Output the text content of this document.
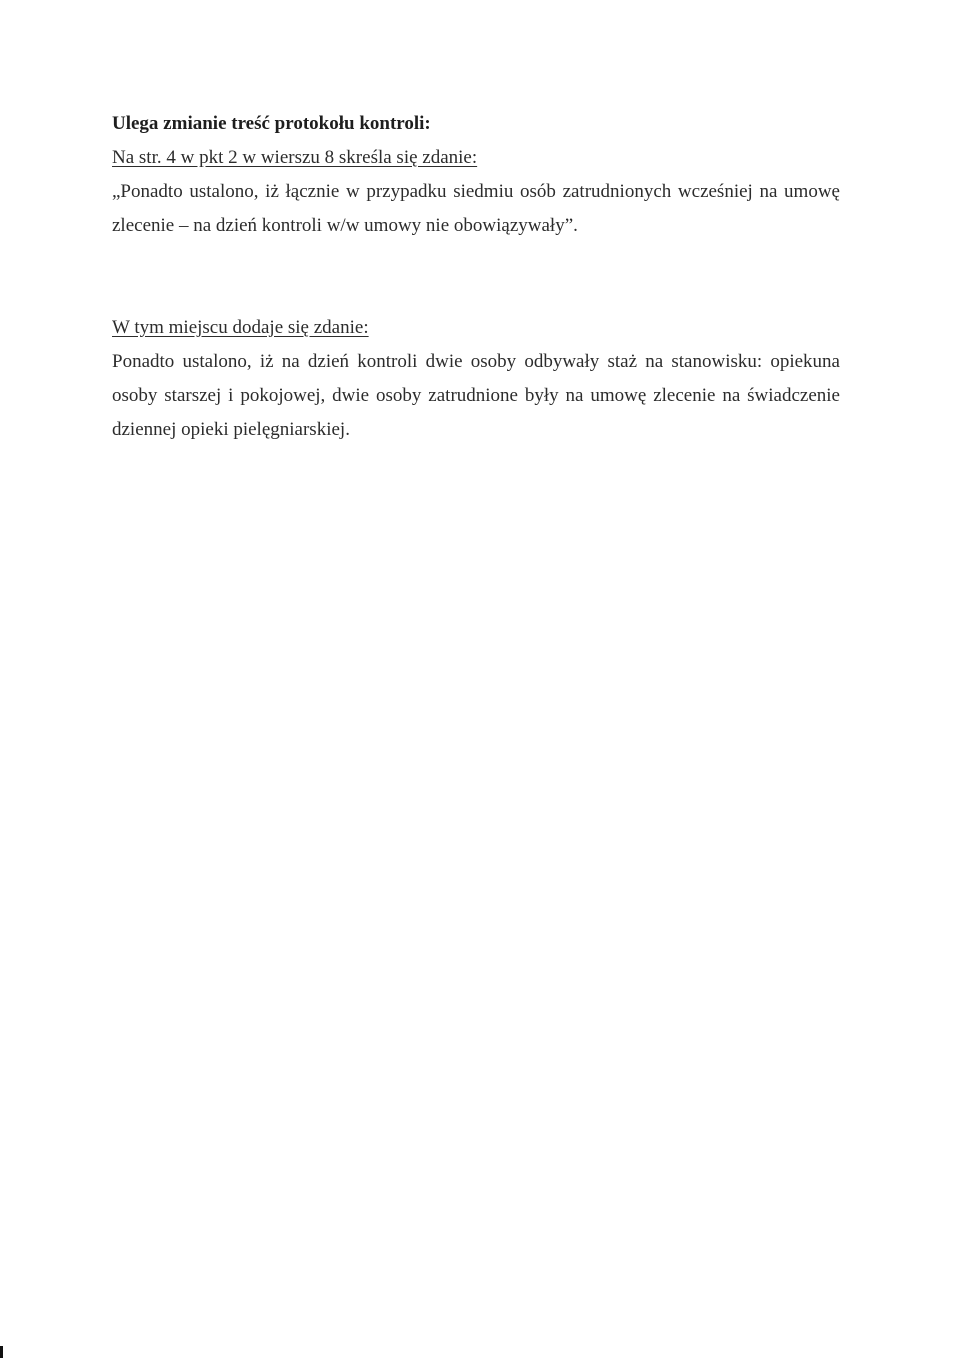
Ulega zmianie treść protokołu kontroli:
Na str. 4 w pkt 2 w wierszu 8 skreśla się zdanie:
„Ponadto ustalono, iż łącznie w przypadku siedmiu osób zatrudnionych wcześniej na umowę
zlecenie – na dzień kontroli w/w umowy nie obowiązywały”.
W tym miejscu dodaje się zdanie:
Ponadto ustalono, iż na dzień kontroli dwie osoby odbywały staż na stanowisku: opiekuna
osoby starszej i pokojowej, dwie osoby zatrudnione były na umowę zlecenie na świadczenie
dziennej opieki pielęgniarskiej.
